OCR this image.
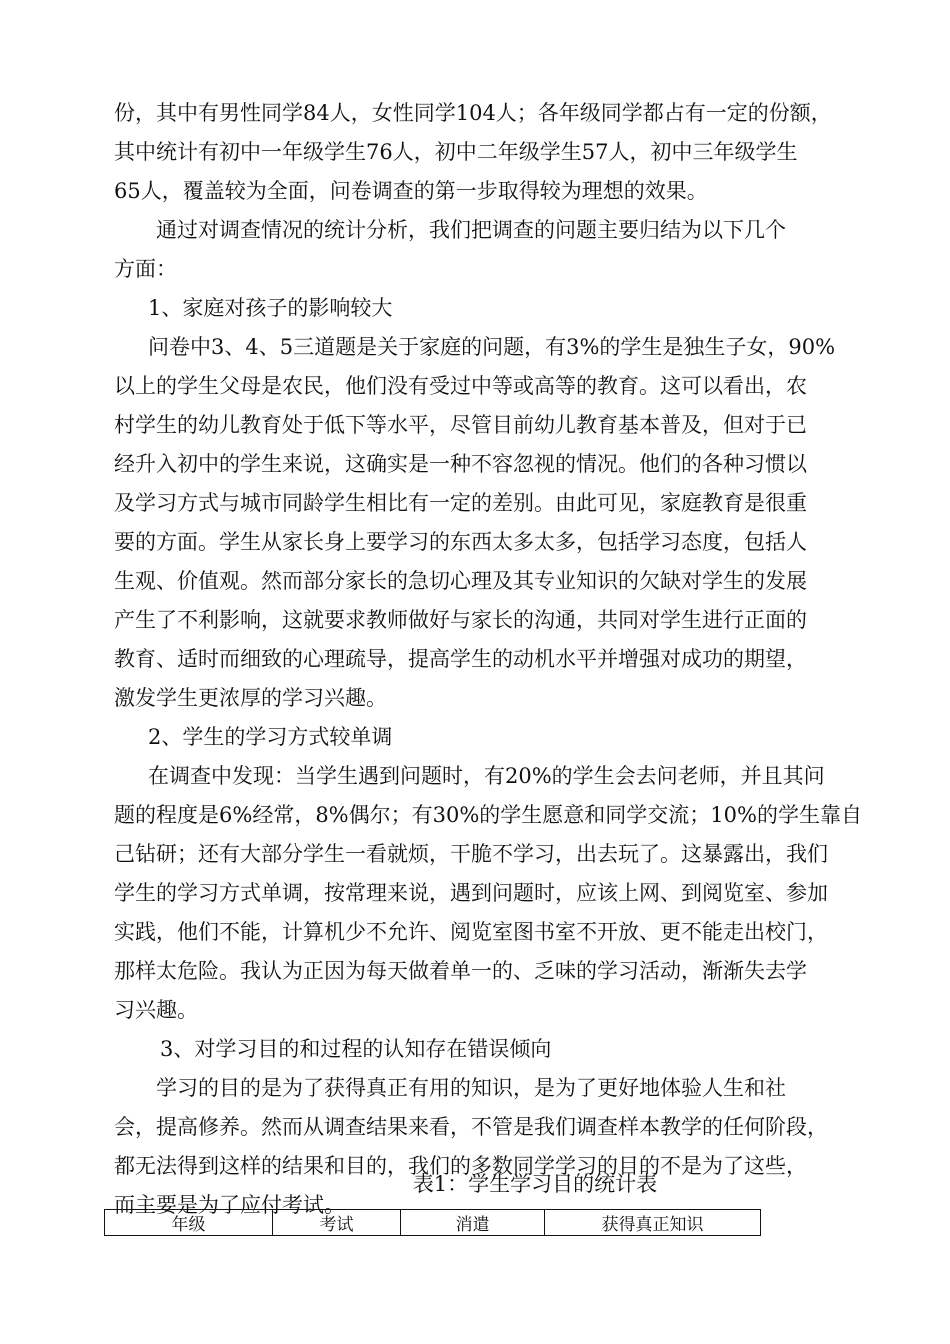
份，其中有男性同学84人，女性同学104人；各年级同学都占有一定的份额，
其中统计有初中一年级学生76人，初中二年级学生57人，初中三年级学生
65人，覆盖较为全面，问卷调查的第一步取得较为理想的效果。
通过对调查情况的统计分析，我们把调查的问题主要归结为以下几个
方面：
1、家庭对孩子的影响较大
问卷中3、4、5三道题是关于家庭的问题，有3%的学生是独生子女，90%
以上的学生父母是农民，他们没有受过中等或高等的教育。这可以看出，农
村学生的幼儿教育处于低下等水平，尽管目前幼儿教育基本普及，但对于已
经升入初中的学生来说，这确实是一种不容忽视的情况。他们的各种习惯以
及学习方式与城市同龄学生相比有一定的差别。由此可见，家庭教育是很重
要的方面。学生从家长身上要学习的东西太多太多，包括学习态度，包括人
生观、价值观。然而部分家长的急切心理及其专业知识的欠缺对学生的发展
产生了不利影响，这就要求教师做好与家长的沟通，共同对学生进行正面的
教育、适时而细致的心理疏导，提高学生的动机水平并增强对成功的期望，
激发学生更浓厚的学习兴趣。
2、学生的学习方式较单调
在调查中发现：当学生遇到问题时，有20%的学生会去问老师，并且其问
题的程度是6%经常，8%偶尔；有30%的学生愿意和同学交流；10%的学生靠自
己钻研；还有大部分学生一看就烦，干脆不学习，出去玩了。这暴露出，我们
学生的学习方式单调，按常理来说，遇到问题时，应该上网、到阅览室、参加
实践，他们不能，计算机少不允许、阅览室图书室不开放、更不能走出校门，
那样太危险。我认为正因为每天做着单一的、乏味的学习活动，渐渐失去学
习兴趣。
3、对学习目的和过程的认知存在错误倾向
学习的目的是为了获得真正有用的知识，是为了更好地体验人生和社
会，提高修养。然而从调查结果来看，不管是我们调查样本教学的任何阶段，
都无法得到这样的结果和目的，我们的多数同学学习的目的不是为了这些，
而主要是为了应付考试。
表1：学生学习目的统计表
年级	考试	消遣	获得真正知识
